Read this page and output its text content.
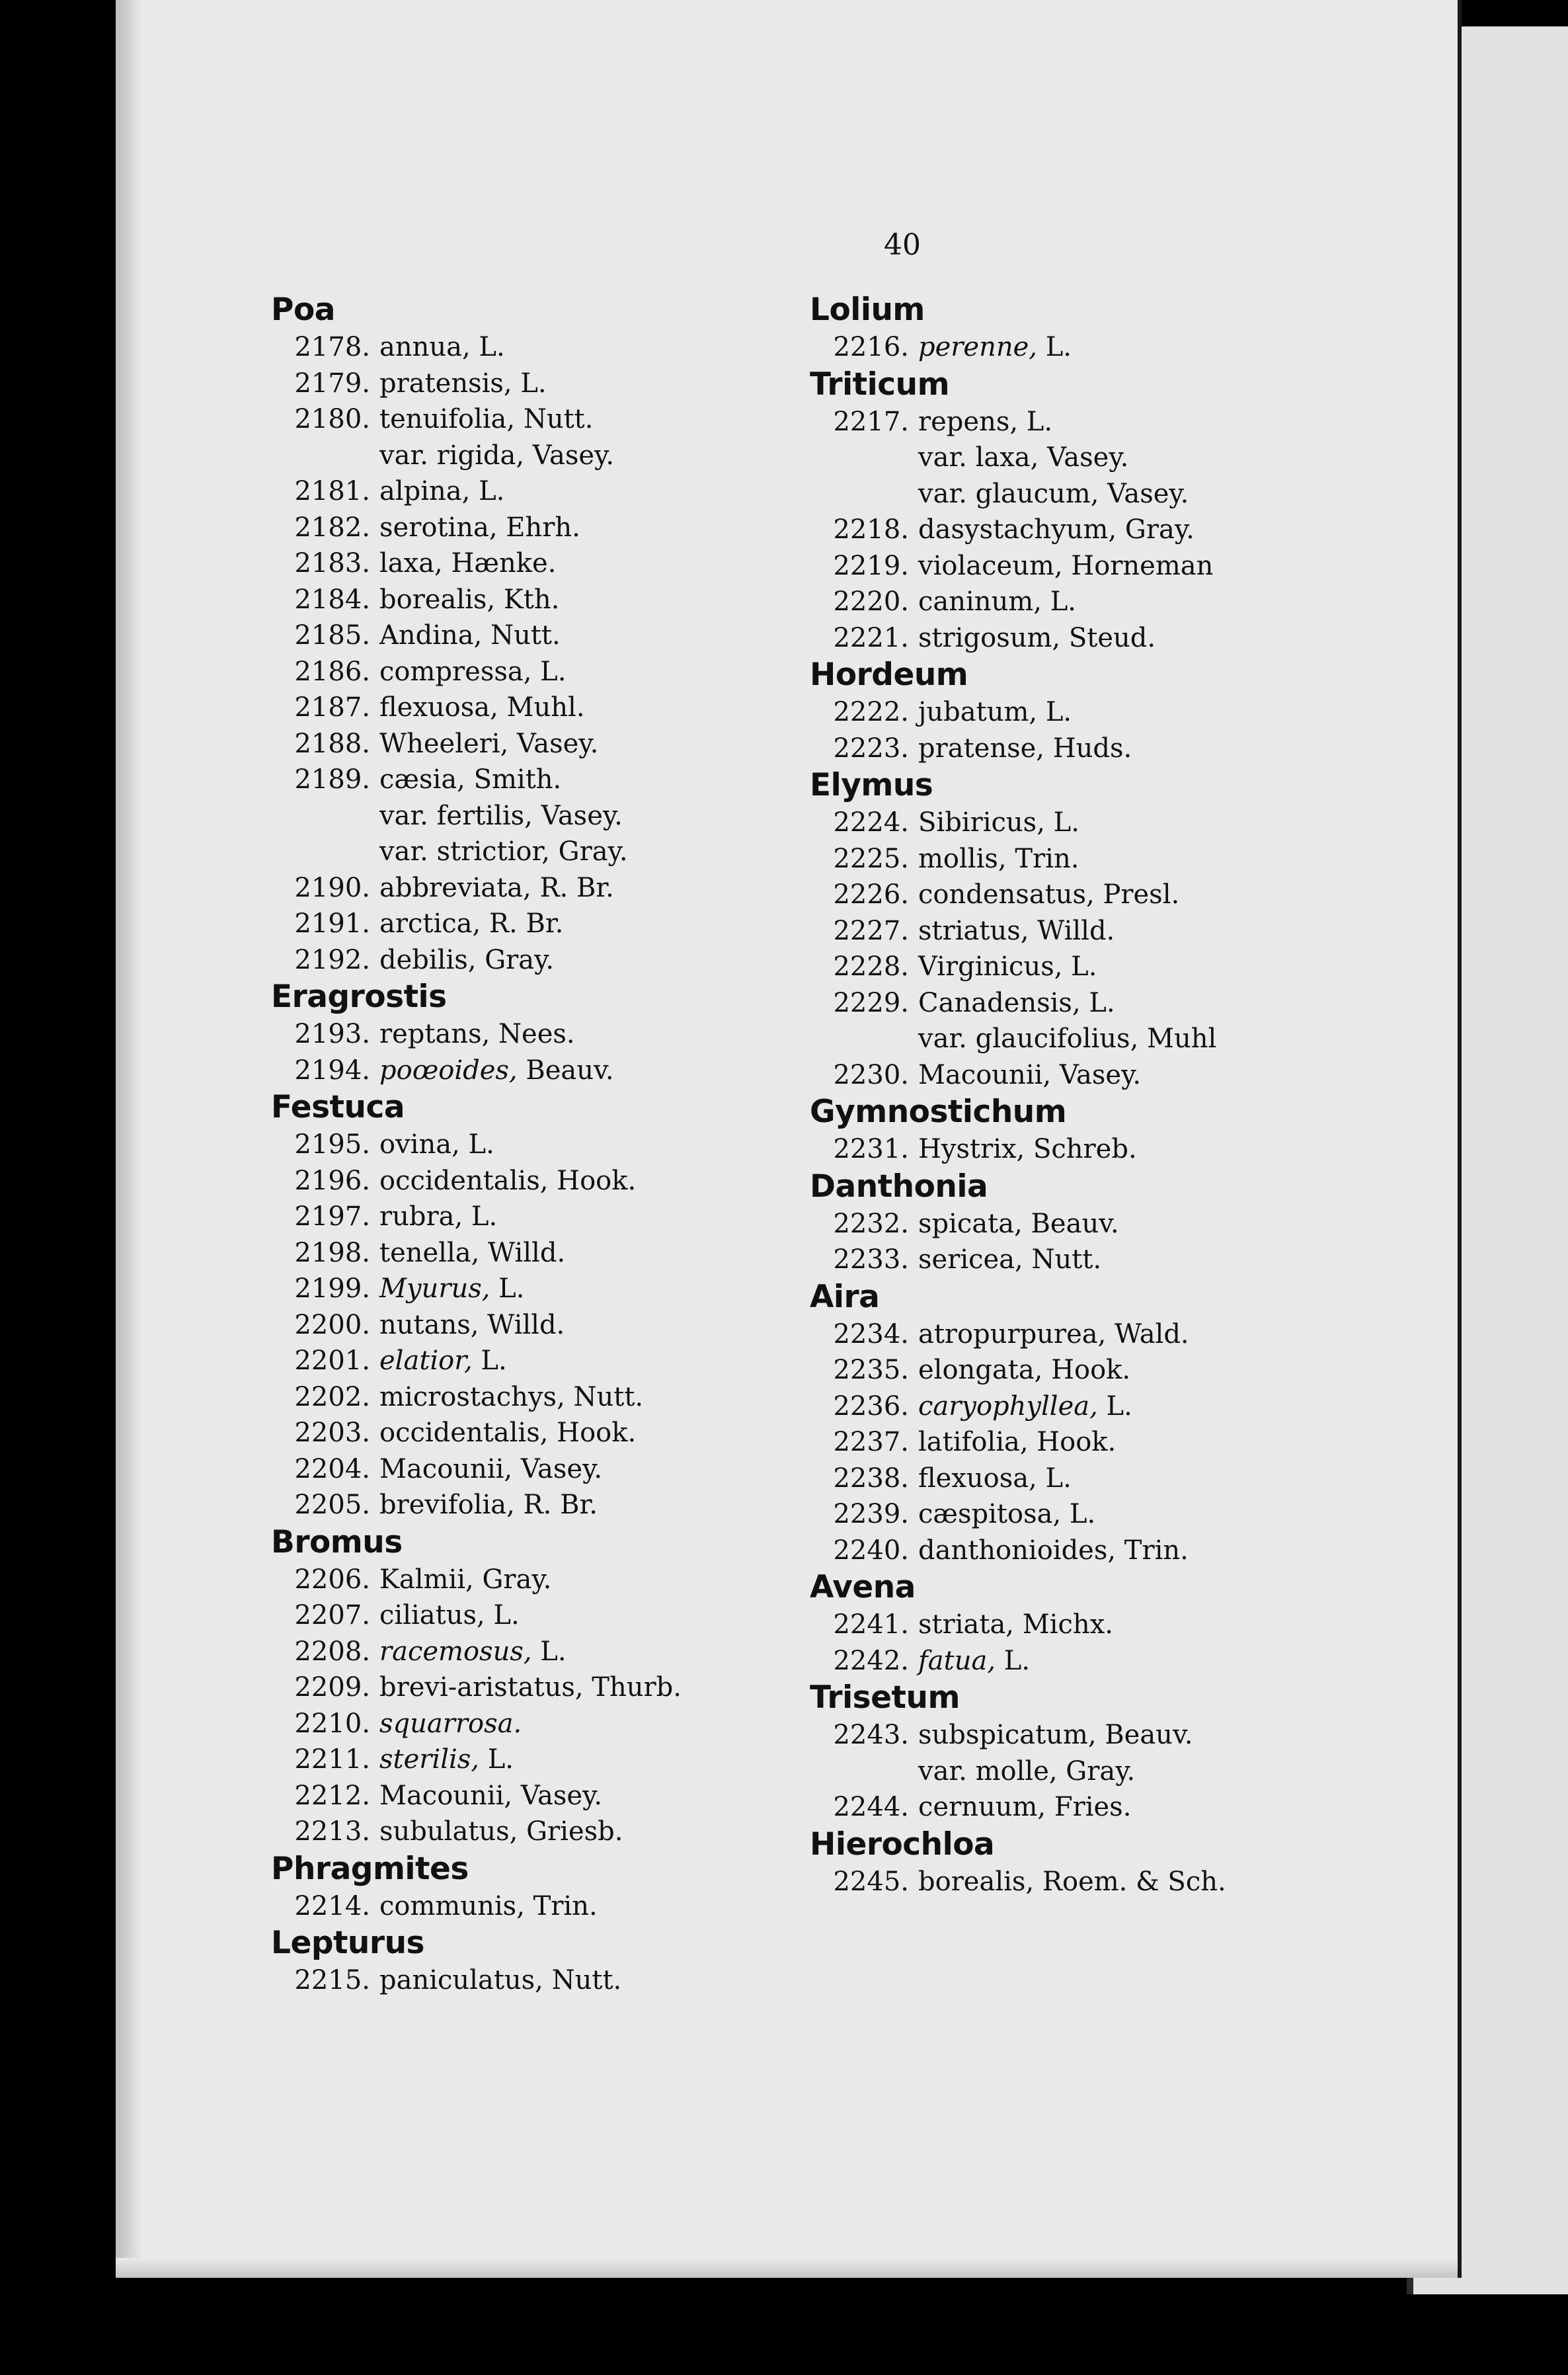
40
Poa
2178. annua, L.
2179. pratensis, L.
2180. tenuifolia, Nutt.
var. rigida, Vasey.
2181. alpina, L.
2182. serotina, Ehrh.
2183. laxa, Hænke.
2184. borealis, Kth.
2185. Andina, Nutt.
2186. compressa, L.
2187. flexuosa, Muhl.
2188. Wheeleri, Vasey.
2189. cæsia, Smith.
var. fertilis, Vasey.
var. strictior, Gray.
2190. abbreviata, R. Br.
2191. arctica, R. Br.
2192. debilis, Gray.
Eragrostis
2193. reptans, Nees.
2194. poœoides, Beauv.
Festuca
2195. ovina, L.
2196. occidentalis, Hook.
2197. rubra, L.
2198. tenella, Willd.
2199. Myurus, L.
2200. nutans, Willd.
2201. elatior, L.
2202. microstachys, Nutt.
2203. occidentalis, Hook.
2204. Macounii, Vasey.
2205. brevifolia, R. Br.
Bromus
2206. Kalmii, Gray.
2207. ciliatus, L.
2208. racemosus, L.
2209. brevi-aristatus, Thurb.
2210. squarrosa.
2211. sterilis, L.
2212. Macounii, Vasey.
2213. subulatus, Griesb.
Phragmites
2214. communis, Trin.
Lepturus
2215. paniculatus, Nutt.
Lolium
2216. perenne, L.
Triticum
2217. repens, L.
var. laxa, Vasey.
var. glaucum, Vasey.
2218. dasystachyum, Gray.
2219. violaceum, Horneman
2220. caninum, L.
2221. strigosum, Steud.
Hordeum
2222. jubatum, L.
2223. pratense, Huds.
Elymus
2224. Sibiricus, L.
2225. mollis, Trin.
2226. condensatus, Presl.
2227. striatus, Willd.
2228. Virginicus, L.
2229. Canadensis, L.
var. glaucifolius, Muhl
2230. Macounii, Vasey.
Gymnostichum
2231. Hystrix, Schreb.
Danthonia
2232. spicata, Beauv.
2233. sericea, Nutt.
Aira
2234. atropurpurea, Wald.
2235. elongata, Hook.
2236. caryophyllea, L.
2237. latifolia, Hook.
2238. flexuosa, L.
2239. cæspitosa, L.
2240. danthonioides, Trin.
Avena
2241. striata, Michx.
2242. fatua, L.
Trisetum
2243. subspicatum, Beauv.
var. molle, Gray.
2244. cernuum, Fries.
Hierochloa
2245. borealis, Roem. & Sch.
